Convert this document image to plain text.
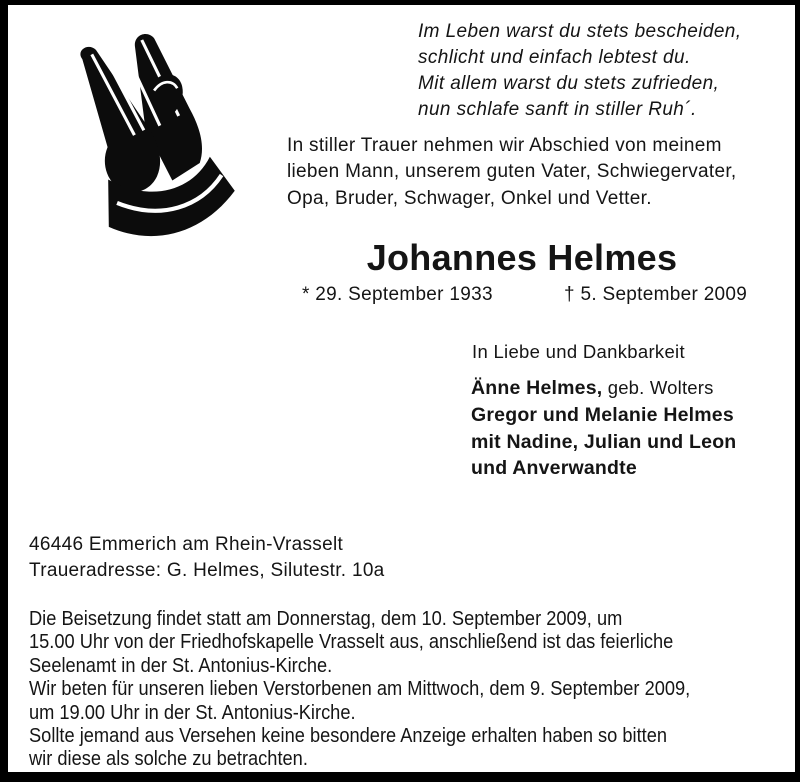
Im Leben warst du stets bescheiden,
schlicht und einfach lebtest du.
Mit allem warst du stets zufrieden,
nun schlafe sanft in stiller Ruh´.
In stiller Trauer nehmen wir Abschied von meinem
lieben Mann, unserem guten Vater, Schwiegervater,
Opa, Bruder, Schwager, Onkel und Vetter.
Johannes Helmes
* 29. September 1933	† 5. September 2009
In Liebe und Dankbarkeit
Änne Helmes, geb. Wolters
Gregor und Melanie Helmes
mit Nadine, Julian und Leon
und Anverwandte
46446 Emmerich am Rhein-Vrasselt
Traueradresse: G. Helmes, Silutestr. 10a
Die Beisetzung findet statt am Donnerstag, dem 10. September 2009, um
15.00 Uhr von der Friedhofskapelle Vrasselt aus, anschließend ist das feierliche
Seelenamt in der St. Antonius-Kirche.
Wir beten für unseren lieben Verstorbenen am Mittwoch, dem 9. September 2009,
um 19.00 Uhr in der St. Antonius-Kirche.
Sollte jemand aus Versehen keine besondere Anzeige erhalten haben so bitten
wir diese als solche zu betrachten.
